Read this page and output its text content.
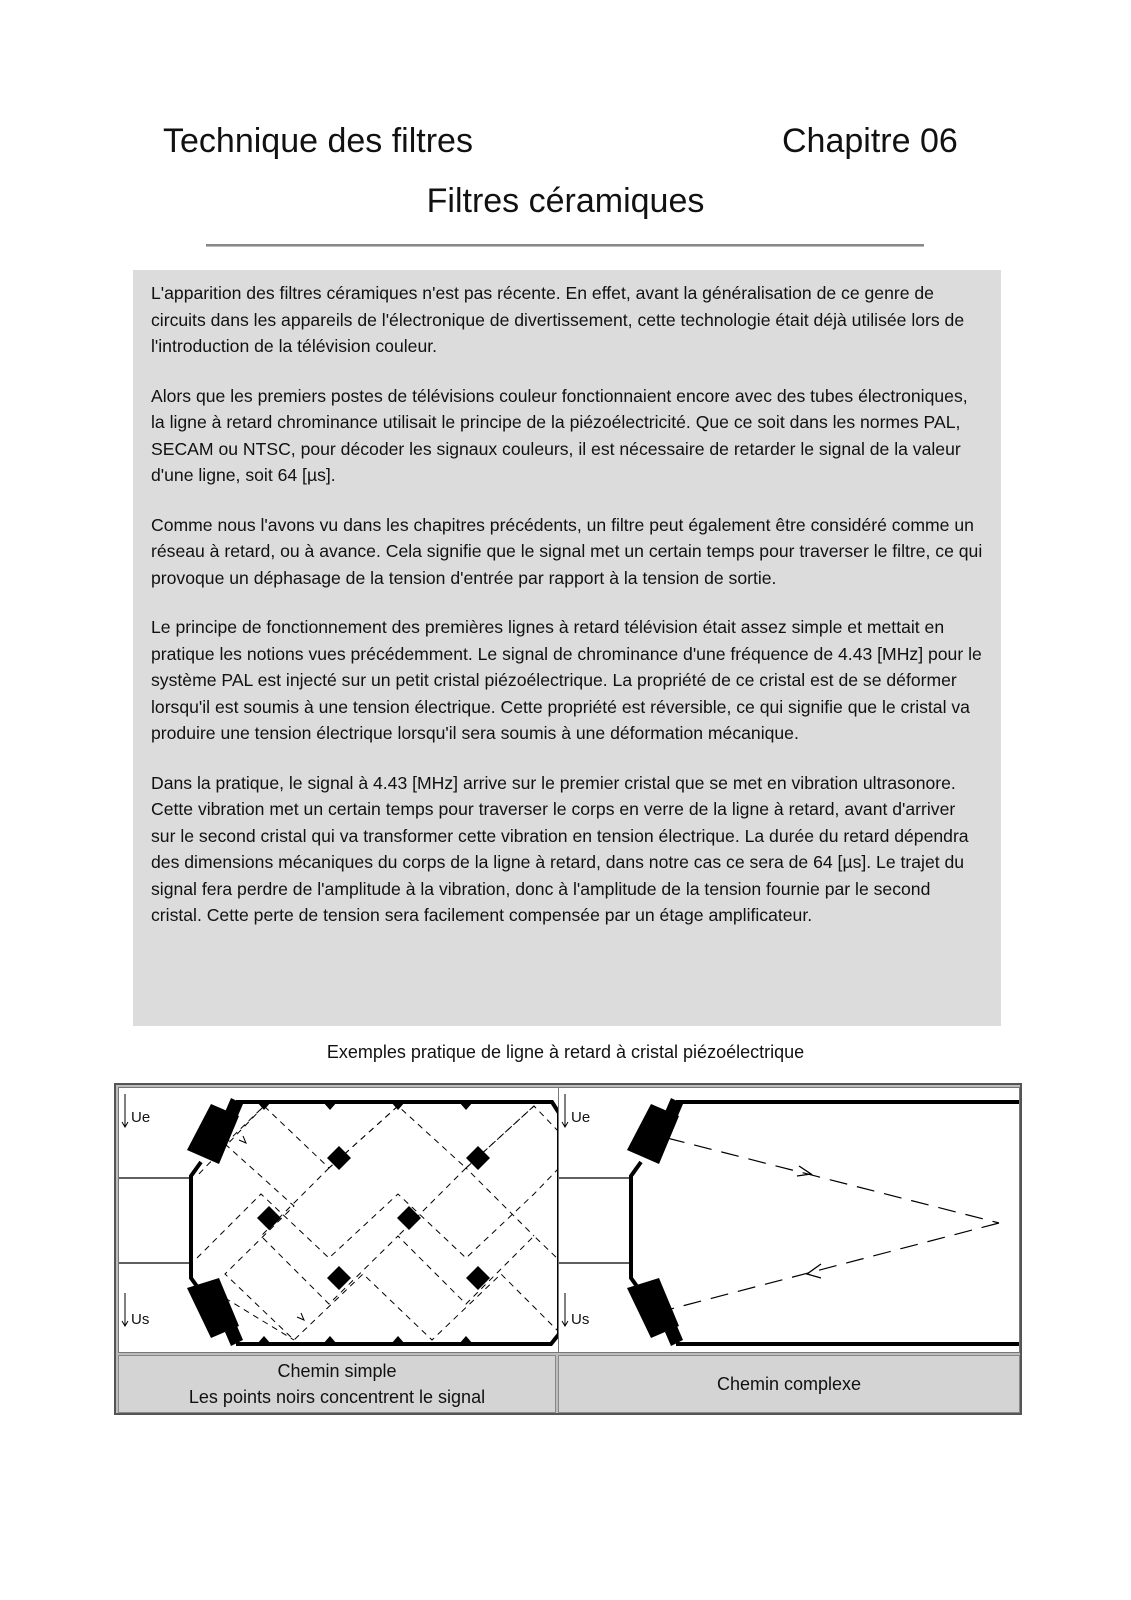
Technique des filtres	Chapitre 06
Filtres céramiques

L'apparition des filtres céramiques n'est pas récente. En effet, avant la généralisation de ce genre de circuits dans les appareils de l'électronique de divertissement, cette technologie était déjà utilisée lors de l'introduction de la télévision couleur.

Alors que les premiers postes de télévisions couleur fonctionnaient encore avec des tubes électroniques, la ligne à retard chrominance utilisait le principe de la piézoélectricité. Que ce soit dans les normes PAL, SECAM ou NTSC, pour décoder les signaux couleurs, il est nécessaire de retarder le signal de la valeur d'une ligne, soit 64 [µs].

Comme nous l'avons vu dans les chapitres précédents, un filtre peut également être considéré comme un réseau à retard, ou à avance. Cela signifie que le signal met un certain temps pour traverser le filtre, ce qui provoque un déphasage de la tension d'entrée par rapport à la tension de sortie.

Le principe de fonctionnement des premières lignes à retard télévision était assez simple et mettait en pratique les notions vues précédemment. Le signal de chrominance d'une fréquence de 4.43 [MHz] pour le système PAL est injecté sur un petit cristal piézoélectrique. La propriété de ce cristal est de se déformer lorsqu'il est soumis à une tension électrique. Cette propriété est réversible, ce qui signifie que le cristal va produire une tension électrique lorsqu'il sera soumis à une déformation mécanique.

Dans la pratique, le signal à 4.43 [MHz] arrive sur le premier cristal que se met en vibration ultrasonore. Cette vibration met un certain temps pour traverser le corps en verre de la ligne à retard, avant d'arriver sur le second cristal qui va transformer cette vibration en tension électrique. La durée du retard dépendra des dimensions mécaniques du corps de la ligne à retard, dans notre cas ce sera de 64 [µs]. Le trajet du signal fera perdre de l'amplitude à la vibration, donc à l'amplitude de la tension fournie par le second cristal. Cette perte de tension sera facilement compensée par un étage amplificateur.

Exemples pratique de ligne à retard à cristal piézoélectrique
Ue
Us
Ue
Us
Chemin simple
Les points noirs concentrent le signal
Chemin complexe
